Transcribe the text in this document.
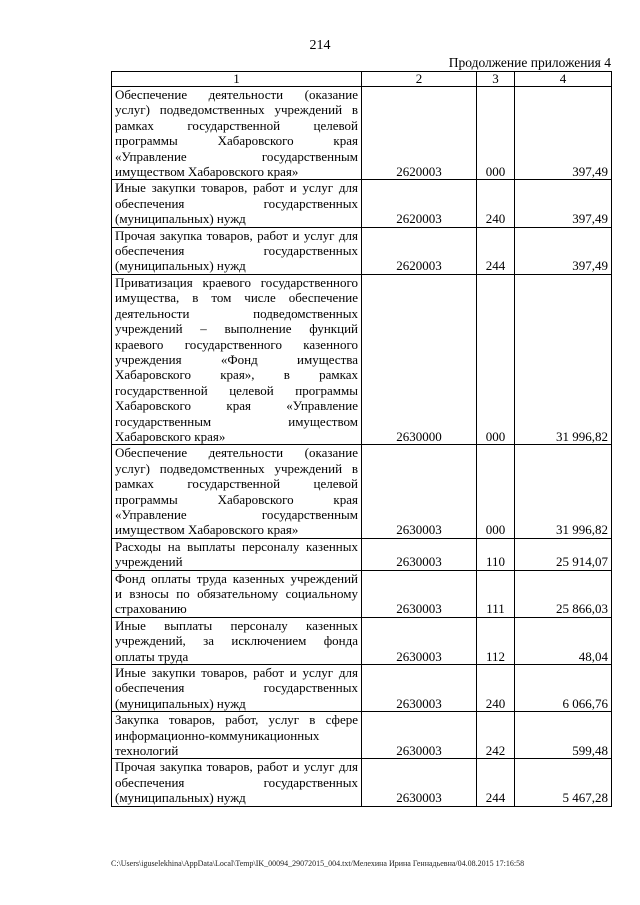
214
Продолжение приложения 4
1	2	3	4
Обеспечение деятельности (оказание услуг) подведомственных учреждений в рамках государственной целевой программы Хабаровского края «Управление государственным имуществом Хабаровского края»	2620003	000	397,49
Иные закупки товаров, работ и услуг для обеспечения государственных (муниципальных) нужд	2620003	240	397,49
Прочая закупка товаров, работ и услуг для обеспечения государственных (муниципальных) нужд	2620003	244	397,49
Приватизация краевого государственного имущества, в том числе обеспечение деятельности подведомственных учреждений – выполнение функций краевого государственного казенного учреждения «Фонд имущества Хабаровского края», в рамках государственной целевой программы Хабаровского края «Управление государственным имуществом Хабаровского края»	2630000	000	31 996,82
Обеспечение деятельности (оказание услуг) подведомственных учреждений в рамках государственной целевой программы Хабаровского края «Управление государственным имуществом Хабаровского края»	2630003	000	31 996,82
Расходы на выплаты персоналу казенных учреждений	2630003	110	25 914,07
Фонд оплаты труда казенных учреждений и взносы по обязательному социальному страхованию	2630003	111	25 866,03
Иные выплаты персоналу казенных учреждений, за исключением фонда оплаты труда	2630003	112	48,04
Иные закупки товаров, работ и услуг для обеспечения государственных (муниципальных) нужд	2630003	240	6 066,76
Закупка товаров, работ, услуг в сфере информационно-коммуникационных технологий	2630003	242	599,48
Прочая закупка товаров, работ и услуг для обеспечения государственных (муниципальных) нужд	2630003	244	5 467,28
C:\Users\iguselekhina\AppData\Local\Temp\IK_00094_29072015_004.txt/Мелехина Ирина Геннадьевна/04.08.2015 17:16:58
